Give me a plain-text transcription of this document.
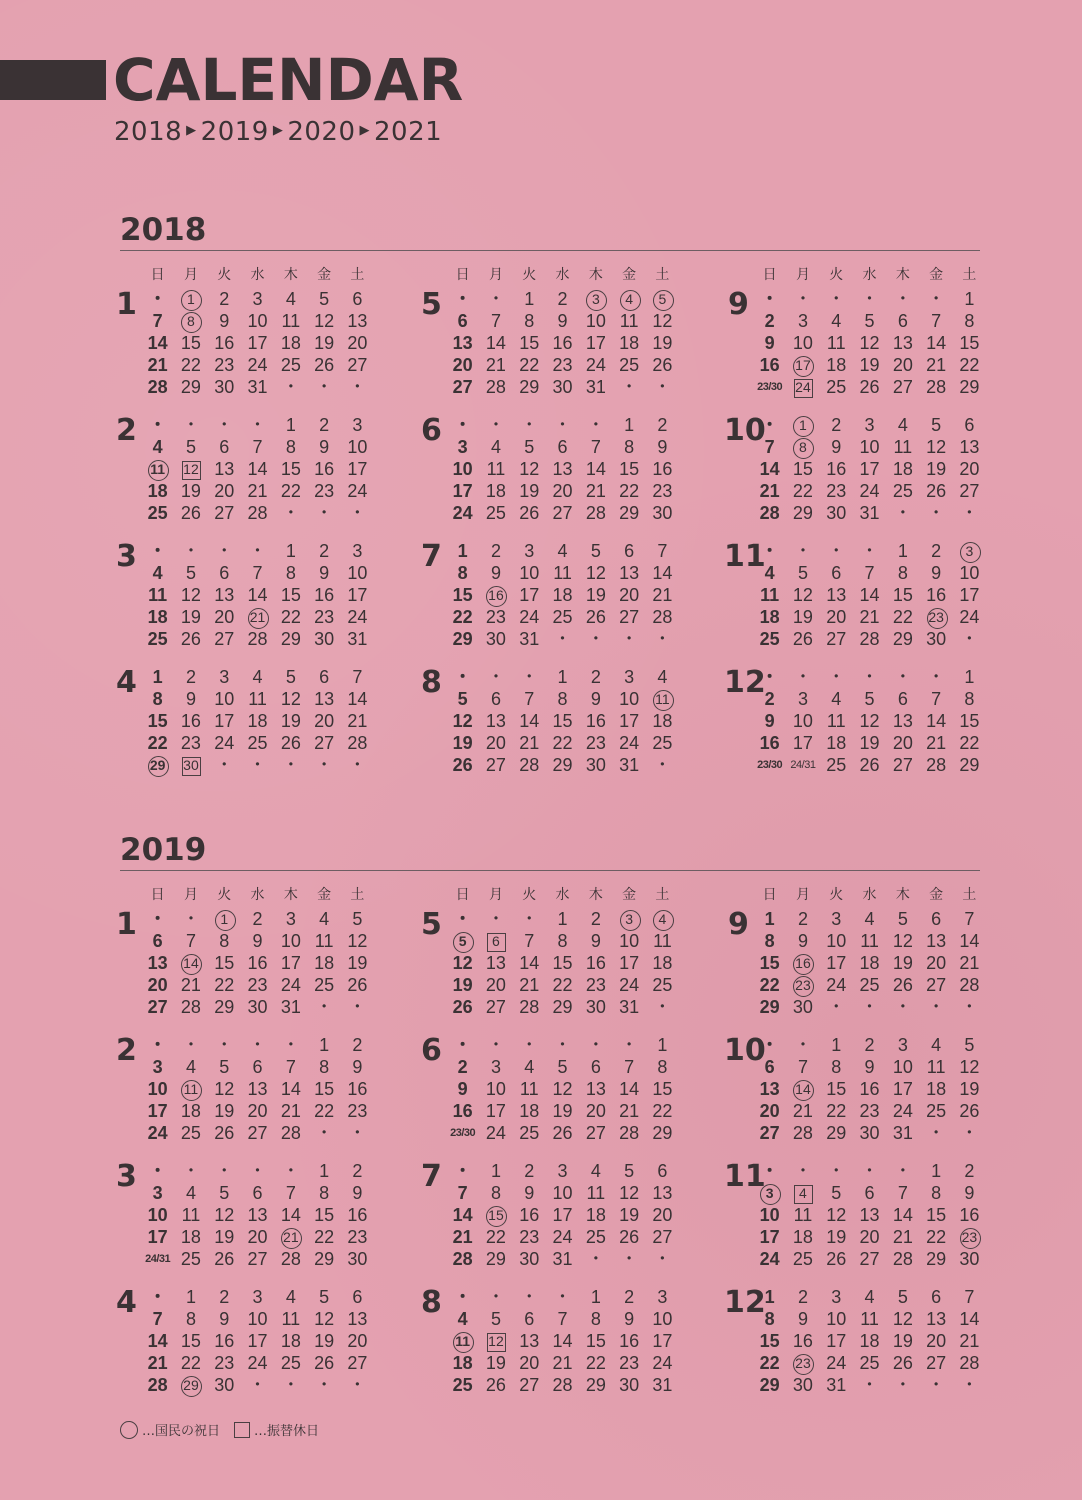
CALENDAR
2018 ▶ 2019 ▶ 2020 ▶ 2021
2018
日	月	火	水	木	金	土
1 ・	1	2	3	4	5	6
7	8	9	10 11 12 13
14 15 16 17 18 19 20
21 22 23 24 25 26 27
28 29 30 31 ・ ・ ・
2 ・ ・ ・ ・	1	2	3
4	5	6	7	8	9	10
11	12 13 14 15 16 17
18 19 20 21 22 23 24
25 26 27 28 ・ ・ ・
3 ・ ・ ・ ・	1	2	3
4	5	6	7	8	9	10
11 12 13 14 15 16 17
18 19 20	21 22 23 24
25 26 27 28 29 30 31
4 1	2	3	4	5	6	7
8	9	10 11 12 13 14
15 16 17 18 19 20 21
22 23 24 25 26 27 28
29	30 ・ ・ ・ ・ ・
日	月	火	水	木	金	土
5 ・ ・	1	2	3	4	5
6	7	8	9	10 11 12
13 14 15 16 17 18 19
20 21 22 23 24 25 26
27 28 29 30 31 ・ ・
6 ・ ・ ・ ・ ・	1	2
3	4	5	6	7	8	9
10 11 12 13 14 15 16
17 18 19 20 21 22 23
24 25 26 27 28 29 30
7 1	2	3	4	5	6	7
8	9	10 11 12 13 14
15	16 17 18 19 20 21
22 23 24 25 26 27 28
29 30 31 ・ ・ ・ ・
8 ・ ・ ・	1	2	3	4
5	6	7	8	9	10	11
12 13 14 15 16 17 18
19 20 21 22 23 24 25
26 27 28 29 30 31 ・
日	月	火	水	木	金	土
9 ・ ・ ・ ・ ・ ・	1
2	3	4	5	6	7	8
9	10 11 12 13 14 15
16	17 18 19 20 21 22
23/30 24 25 26 27 28 29
10
・	1	2	3	4	5	6
7	8	9	10 11 12 13
14 15 16 17 18 19 20
21 22 23 24 25 26 27
28 29 30 31 ・ ・ ・
11
・ ・ ・ ・	1	2	3
4	5	6	7	8	9	10
11 12 13 14 15 16 17
18 19 20 21 22	23 24
25 26 27 28 29 30 ・
12
・ ・ ・ ・ ・ ・	1
2	3	4	5	6	7	8
9	10 11 12 13 14 15
16 17 18 19 20 21 22
23/30 24/31 25 26 27 28 29
2019
日	月	火	水	木	金	土
1 ・ ・	1	2	3	4	5
6	7	8	9	10 11 12
13	14 15 16 17 18 19
20 21 22 23 24 25 26
27 28 29 30 31 ・ ・
2 ・ ・ ・ ・ ・	1	2
3	4	5	6	7	8	9
10	11 12 13 14 15 16
17 18 19 20 21 22 23
24 25 26 27 28 ・ ・
3 ・ ・ ・ ・ ・	1	2
3	4	5	6	7	8	9
10 11 12 13 14 15 16
17 18 19 20	21 22 23
24/31 25 26 27 28 29 30
4 ・	1	2	3	4	5	6
7	8	9	10 11 12 13
14 15 16 17 18 19 20
21 22 23 24 25 26 27
28	29 30 ・ ・ ・ ・
日	月	火	水	木	金	土
5 ・ ・ ・	1	2	3	4
5	6	7	8	9	10 11
12 13 14 15 16 17 18
19 20 21 22 23 24 25
26 27 28 29 30 31 ・
6 ・ ・ ・ ・ ・ ・	1
2	3	4	5	6	7	8
9	10 11 12 13 14 15
16 17 18 19 20 21 22
23/30 24 25 26 27 28 29
7 ・	1	2	3	4	5	6
7	8	9	10 11 12 13
14	15 16 17 18 19 20
21 22 23 24 25 26 27
28 29 30 31 ・ ・ ・
8 ・ ・ ・ ・	1	2	3
4	5	6	7	8	9	10
11	12 13 14 15 16 17
18 19 20 21 22 23 24
25 26 27 28 29 30 31
日	月	火	水	木	金	土
9 1	2	3	4	5	6	7
8	9	10 11 12 13 14
15	16 17 18 19 20 21
22	23 24 25 26 27 28
29 30 ・ ・ ・ ・ ・
10
・ ・	1	2	3	4	5
6	7	8	9	10 11 12
13	14 15 16 17 18 19
20 21 22 23 24 25 26
27 28 29 30 31 ・ ・
11
・ ・ ・ ・ ・	1	2
3	4	5	6	7	8	9
10 11 12 13 14 15 16
17 18 19 20 21 22	23
24 25 26 27 28 29 30
12
1	2	3	4	5	6	7
8	9	10 11 12 13 14
15 16 17 18 19 20 21
22	23 24 25 26 27 28
29 30 31 ・ ・ ・ ・
…国民の祝日	…振替休日
